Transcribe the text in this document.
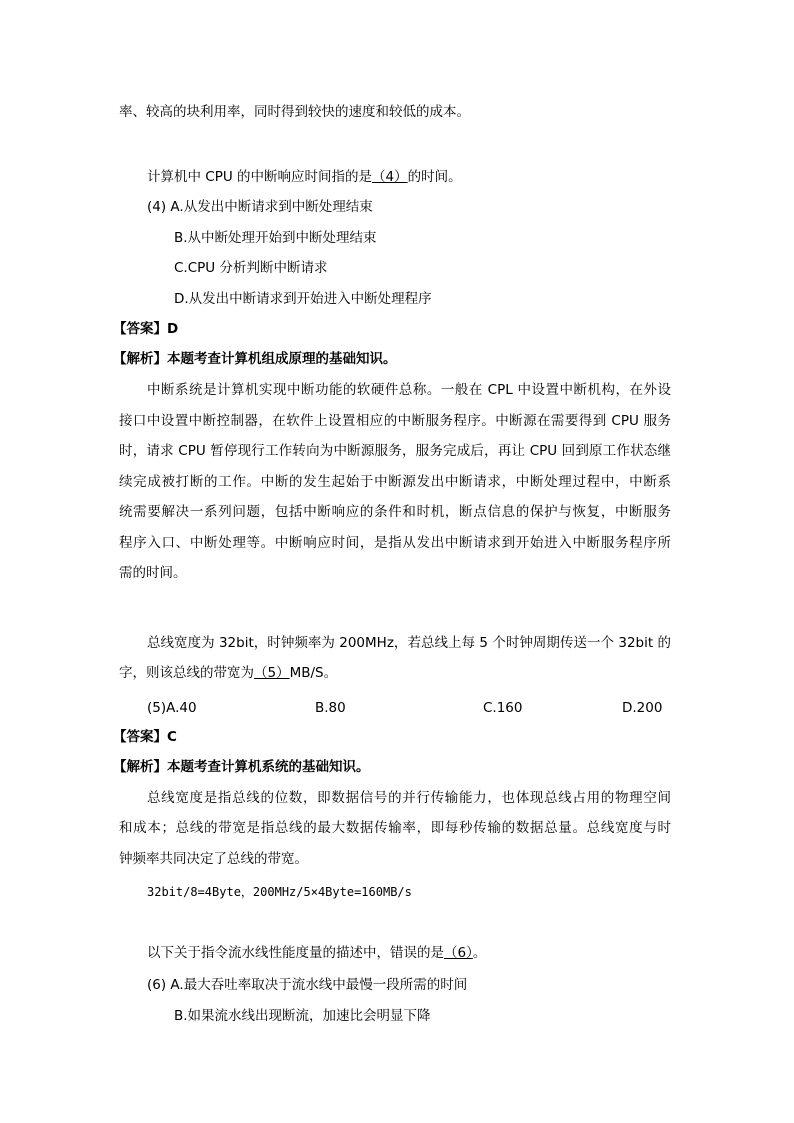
率、较高的块利用率，同时得到较快的速度和较低的成本。
计算机中 CPU 的中断响应时间指的是（4）的时间。
(4) A.从发出中断请求到中断处理结束
B.从中断处理开始到中断处理结束
C.CPU 分析判断中断请求
D.从发出中断请求到开始进入中断处理程序
【答案】D
【解析】本题考查计算机组成原理的基础知识。
中断系统是计算机实现中断功能的软硬件总称。一般在 CPL 中设置中断机构，在外设
接口中设置中断控制器，在软件上设置相应的中断服务程序。中断源在需要得到 CPU 服务
时，请求 CPU 暂停现行工作转向为中断源服务，服务完成后，再让 CPU 回到原工作状态继
续完成被打断的工作。中断的发生起始于中断源发出中断请求，中断处理过程中，中断系
统需要解决一系列问题，包括中断响应的条件和时机，断点信息的保护与恢复，中断服务
程序入口、中断处理等。中断响应时间，是指从发出中断请求到开始进入中断服务程序所
需的时间。
总线宽度为 32bit，时钟频率为 200MHz，若总线上每 5 个时钟周期传送一个 32bit 的
字，则该总线的带宽为（5）MB/S。
(5)A.40	B.80	C.160	D.200
【答案】C
【解析】本题考查计算机系统的基础知识。
总线宽度是指总线的位数，即数据信号的并行传输能力，也体现总线占用的物理空间
和成本；总线的带宽是指总线的最大数据传输率，即每秒传输的数据总量。总线宽度与时
钟频率共同决定了总线的带宽。
32bit/8=4Byte，200MHz/5×4Byte=160MB/s
以下关于指令流水线性能度量的描述中，错误的是（6）。
(6) A.最大吞吐率取决于流水线中最慢一段所需的时间
B.如果流水线出现断流，加速比会明显下降
